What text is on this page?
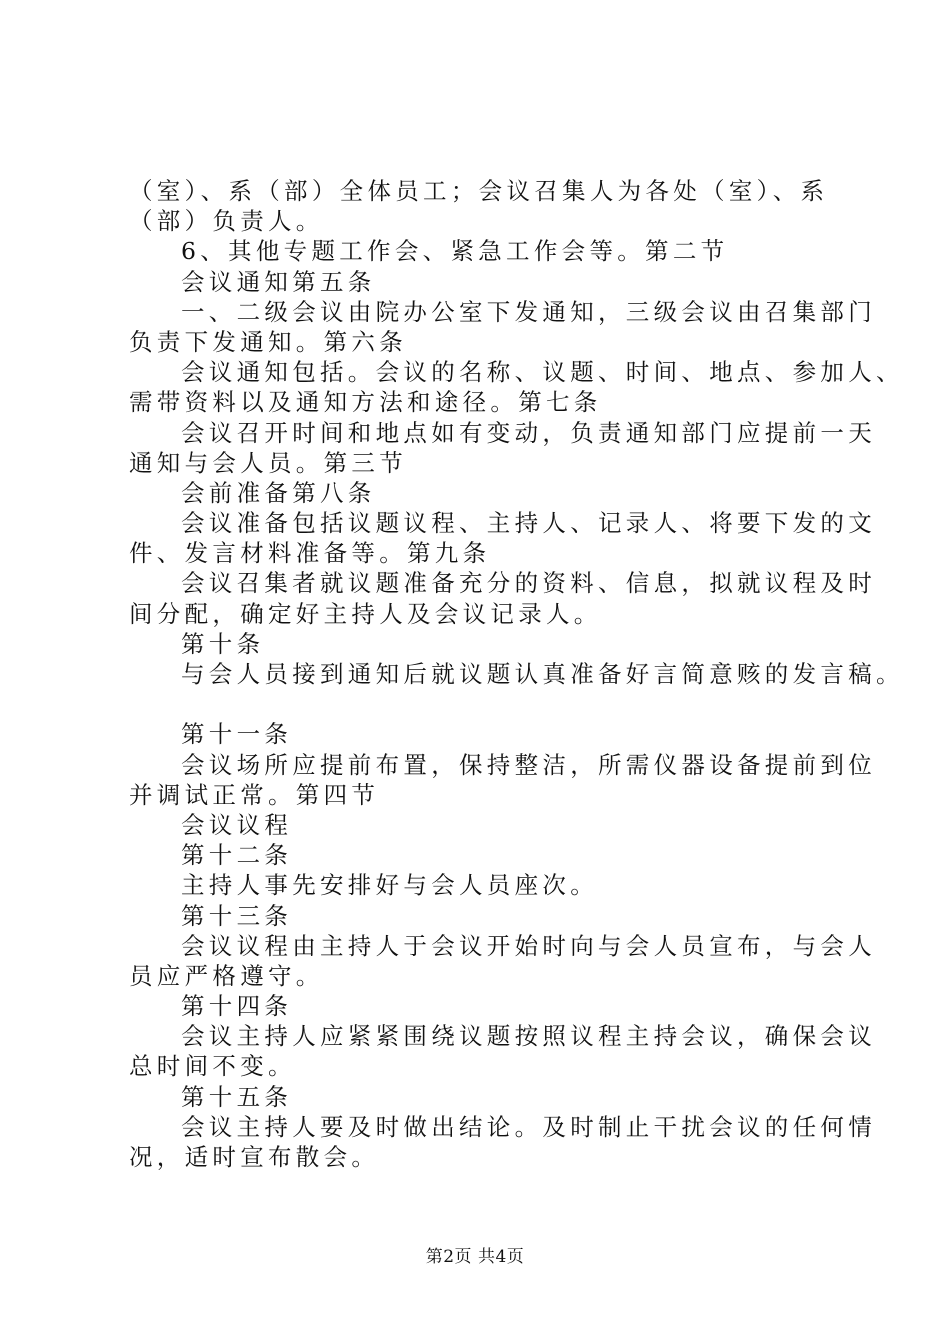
（室）、系（部）全体员工；会议召集人为各处（室）、系
（部）负责人。
6、其他专题工作会、紧急工作会等。第二节
会议通知第五条
一、二级会议由院办公室下发通知，三级会议由召集部门
负责下发通知。第六条
会议通知包括。会议的名称、议题、时间、地点、参加人、
需带资料以及通知方法和途径。第七条
会议召开时间和地点如有变动，负责通知部门应提前一天
通知与会人员。第三节
会前准备第八条
会议准备包括议题议程、主持人、记录人、将要下发的文
件、发言材料准备等。第九条
会议召集者就议题准备充分的资料、信息，拟就议程及时
间分配，确定好主持人及会议记录人。
第十条
与会人员接到通知后就议题认真准备好言简意赅的发言稿。
第十一条
会议场所应提前布置，保持整洁，所需仪器设备提前到位
并调试正常。第四节
会议议程
第十二条
主持人事先安排好与会人员座次。
第十三条
会议议程由主持人于会议开始时向与会人员宣布，与会人
员应严格遵守。
第十四条
会议主持人应紧紧围绕议题按照议程主持会议，确保会议
总时间不变。
第十五条
会议主持人要及时做出结论。及时制止干扰会议的任何情
况，适时宣布散会。
第2页 共4页
